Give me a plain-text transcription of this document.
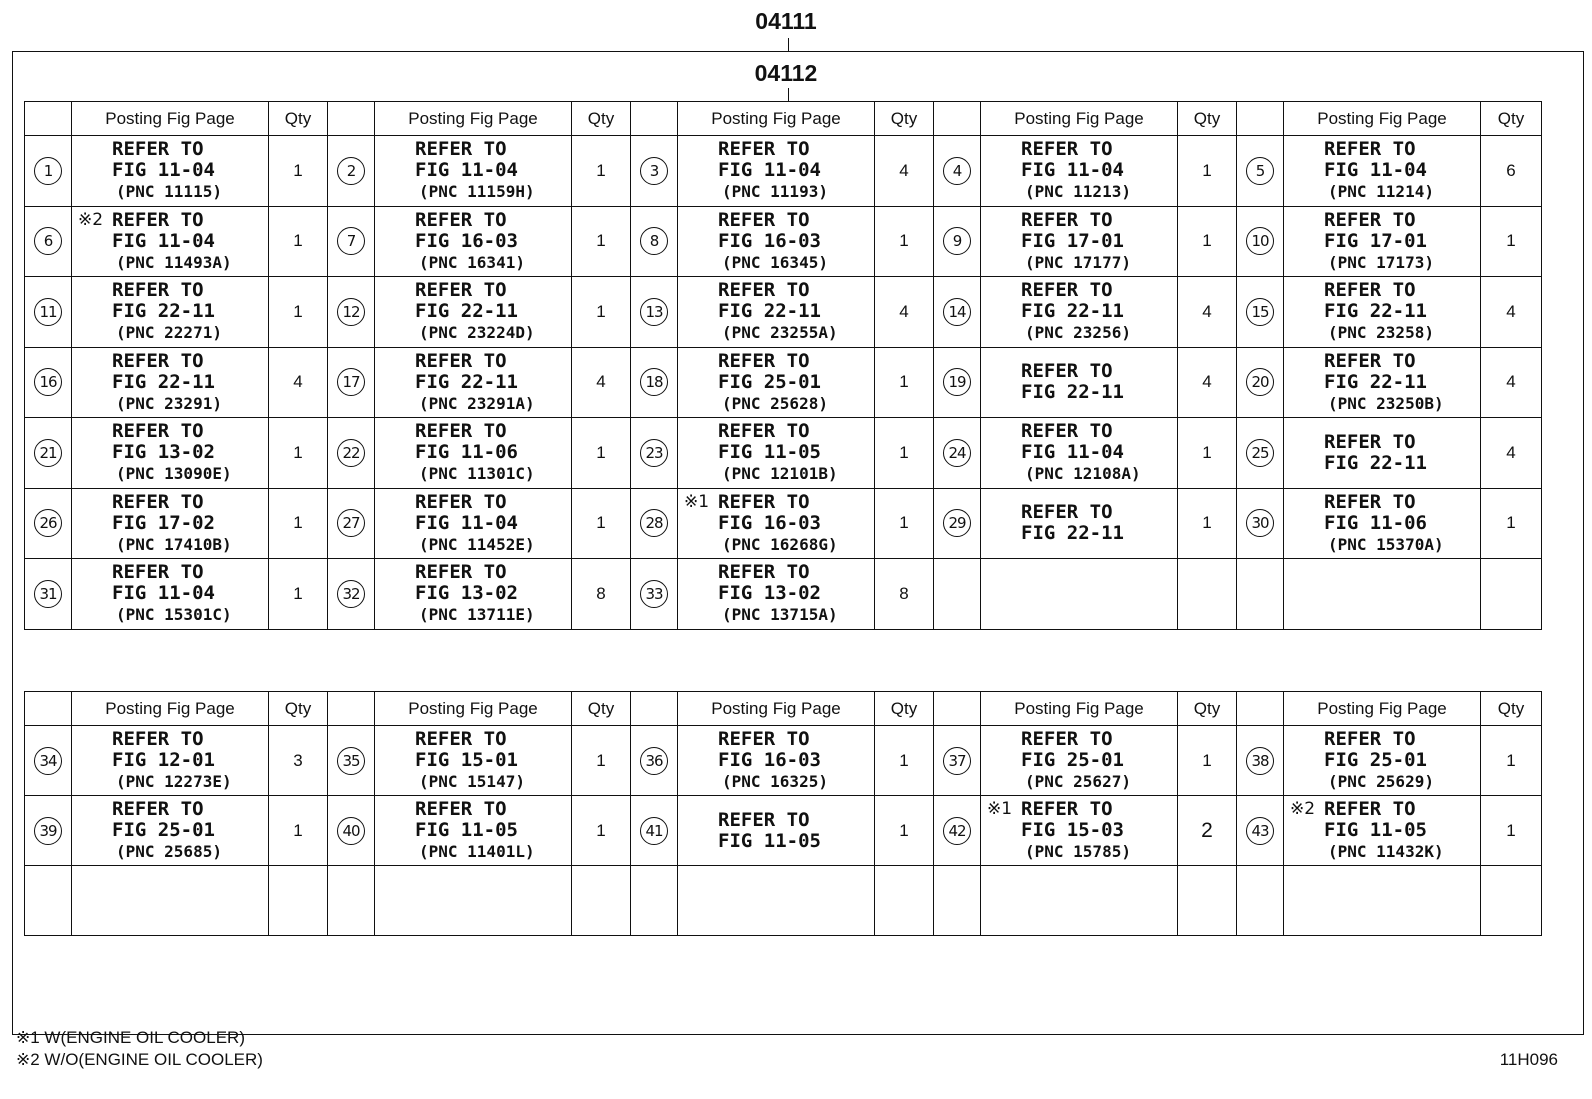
04111
04112
	Posting Fig Page	Qty		Posting Fig Page	Qty		Posting Fig Page	Qty		Posting Fig Page	Qty		Posting Fig Page	Qty
1	REFER TO
FIG 11-04
(PNC 11115)	1	2	REFER TO
FIG 11-04
(PNC 11159H)	1	3	REFER TO
FIG 11-04
(PNC 11193)	4	4	REFER TO
FIG 11-04
(PNC 11213)	1	5	REFER TO
FIG 11-04
(PNC 11214)	6
6	※2 REFER TO
FIG 11-04
(PNC 11493A)	1	7	REFER TO
FIG 16-03
(PNC 16341)	1	8	REFER TO
FIG 16-03
(PNC 16345)	1	9	REFER TO
FIG 17-01
(PNC 17177)	1	10	REFER TO
FIG 17-01
(PNC 17173)	1
11	REFER TO
FIG 22-11
(PNC 22271)	1	12	REFER TO
FIG 22-11
(PNC 23224D)	1	13	REFER TO
FIG 22-11
(PNC 23255A)	4	14	REFER TO
FIG 22-11
(PNC 23256)	4	15	REFER TO
FIG 22-11
(PNC 23258)	4
16	REFER TO
FIG 22-11
(PNC 23291)	4	17	REFER TO
FIG 22-11
(PNC 23291A)	4	18	REFER TO
FIG 25-01
(PNC 25628)	1	19	REFER TO
FIG 22-11	4	20	REFER TO
FIG 22-11
(PNC 23250B)	4
21	REFER TO
FIG 13-02
(PNC 13090E)	1	22	REFER TO
FIG 11-06
(PNC 11301C)	1	23	REFER TO
FIG 11-05
(PNC 12101B)	1	24	REFER TO
FIG 11-04
(PNC 12108A)	1	25	REFER TO
FIG 22-11	4
26	REFER TO
FIG 17-02
(PNC 17410B)	1	27	REFER TO
FIG 11-04
(PNC 11452E)	1	28	※1 REFER TO
FIG 16-03
(PNC 16268G)	1	29	REFER TO
FIG 22-11	1	30	REFER TO
FIG 11-06
(PNC 15370A)	1
31	REFER TO
FIG 11-04
(PNC 15301C)	1	32	REFER TO
FIG 13-02
(PNC 13711E)	8	33	REFER TO
FIG 13-02
(PNC 13715A)	8						
	Posting Fig Page	Qty		Posting Fig Page	Qty		Posting Fig Page	Qty		Posting Fig Page	Qty		Posting Fig Page	Qty
34	REFER TO
FIG 12-01
(PNC 12273E)	3	35	REFER TO
FIG 15-01
(PNC 15147)	1	36	REFER TO
FIG 16-03
(PNC 16325)	1	37	REFER TO
FIG 25-01
(PNC 25627)	1	38	REFER TO
FIG 25-01
(PNC 25629)	1
39	REFER TO
FIG 25-01
(PNC 25685)	1	40	REFER TO
FIG 11-05
(PNC 11401L)	1	41	REFER TO
FIG 11-05	1	42	※1 REFER TO
FIG 15-03
(PNC 15785)	2	43	※2 REFER TO
FIG 11-05
(PNC 11432K)	1

※1 W(ENGINE OIL COOLER)
※2 W/O(ENGINE OIL COOLER)	11H096
